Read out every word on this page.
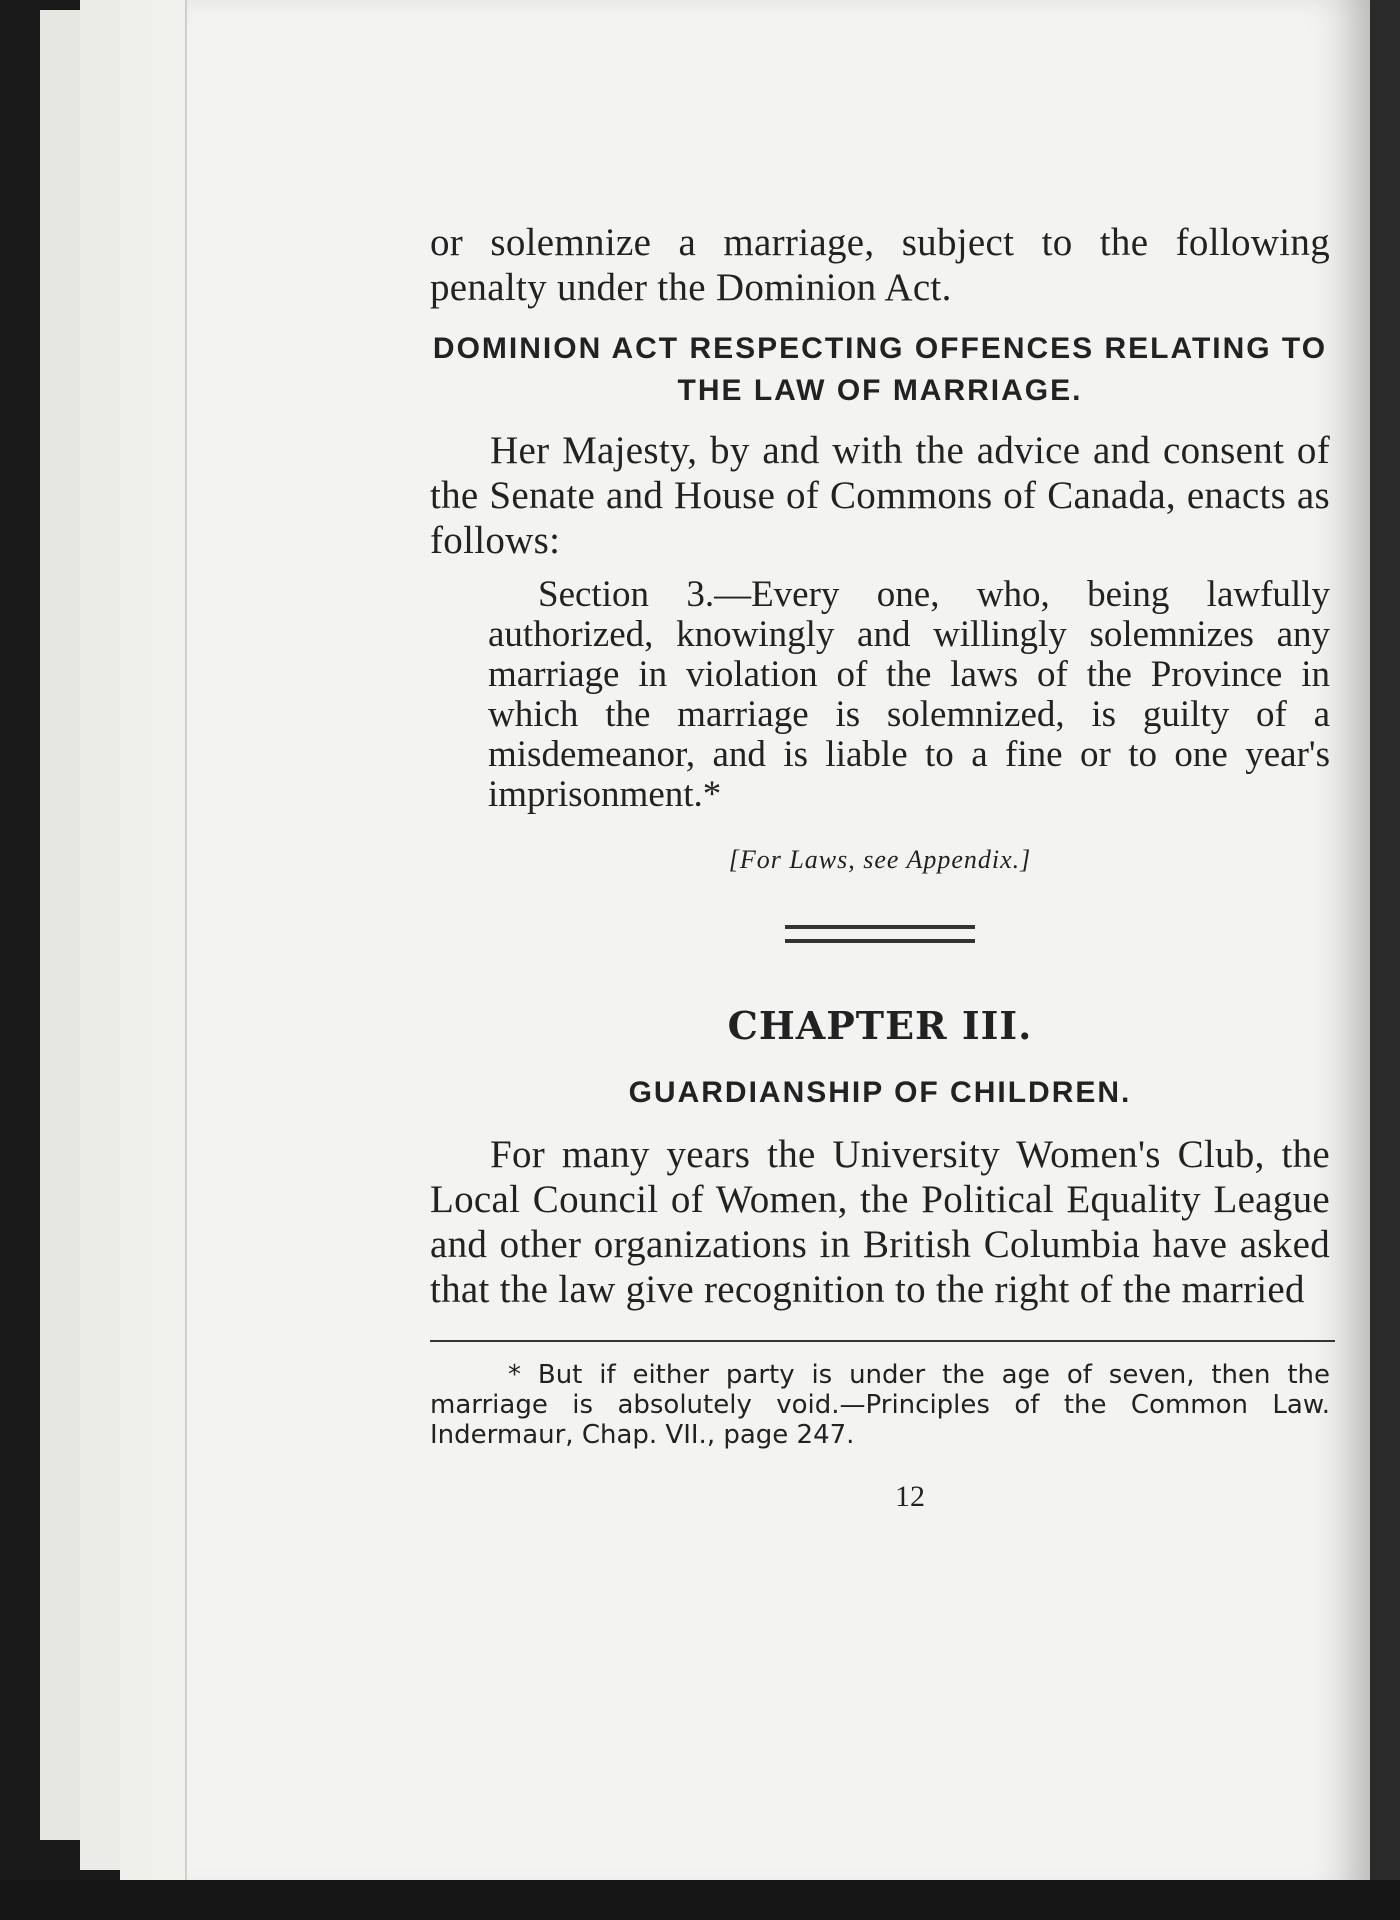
or solemnize a marriage, subject to the following penalty under the Dominion Act.

DOMINION ACT RESPECTING OFFENCES RELATING TO THE LAW OF MARRIAGE.

Her Majesty, by and with the advice and consent of the Senate and House of Commons of Canada, enacts as follows:

Section 3.—Every one, who, being lawfully authorized, knowingly and willingly solemnizes any marriage in violation of the laws of the Province in which the marriage is solemnized, is guilty of a misdemeanor, and is liable to a fine or to one year's imprisonment.*

[For Laws, see Appendix.]
CHAPTER III.
GUARDIANSHIP OF CHILDREN.

For many years the University Women's Club, the Local Council of Women, the Political Equality League and other organizations in British Columbia have asked that the law give recognition to the right of the married

* But if either party is under the age of seven, then the marriage is absolutely void.—Principles of the Common Law. Indermaur, Chap. VII., page 247.

12
